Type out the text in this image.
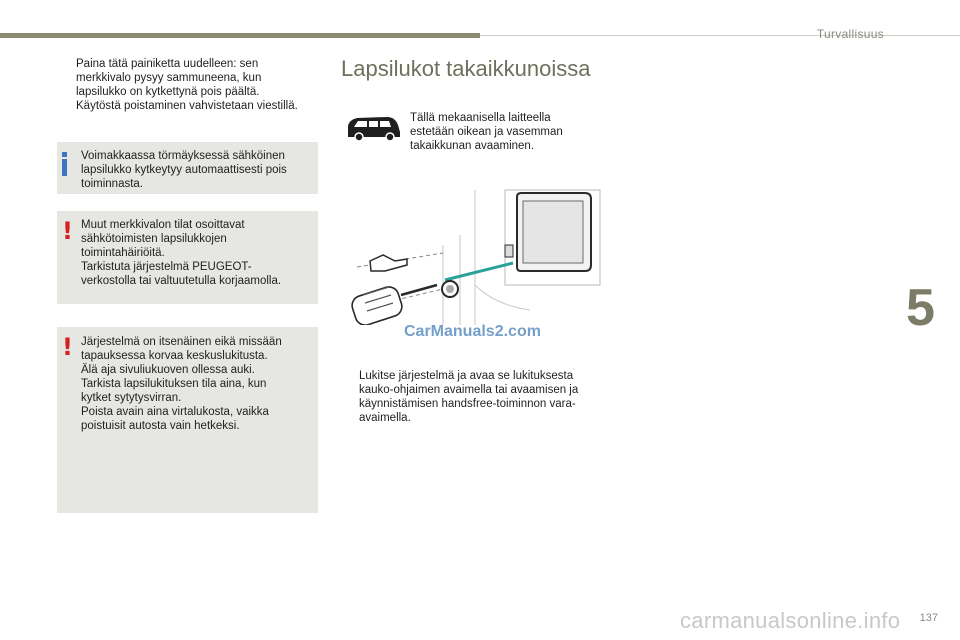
Turvallisuus
5
Paina tätä painiketta uudelleen: sen
merkkivalo pysyy sammuneena, kun
lapsilukko on kytkettynä pois päältä.
Käytöstä poistaminen vahvistetaan viestillä.
Voimakkaassa törmäyksessä sähköinen
lapsilukko kytkeytyy automaattisesti pois
toiminnasta.
! Muut merkkivalon tilat osoittavat
sähkötoimisten lapsilukkojen
toimintahäiriöitä.
Tarkistuta järjestelmä PEUGEOT-
verkostolla tai valtuutetulla korjaamolla.
! Järjestelmä on itsenäinen eikä missään
tapauksessa korvaa keskuslukitusta.
Älä aja sivuliukuoven ollessa auki.
Tarkista lapsilukituksen tila aina, kun
kytket sytytysvirran.
Poista avain aina virtalukosta, vaikka
poistuisit autosta vain hetkeksi.
Lapsilukot takaikkunoissa
Tällä mekaanisella laitteella
estetään oikean ja vasemman
takaikkunan avaaminen.
CarManuals2.com
Lukitse järjestelmä ja avaa se lukituksesta
kauko-ohjaimen avaimella tai avaamisen ja
käynnistämisen handsfree-toiminnon vara-
avaimella.
carmanualsonline.info 137
